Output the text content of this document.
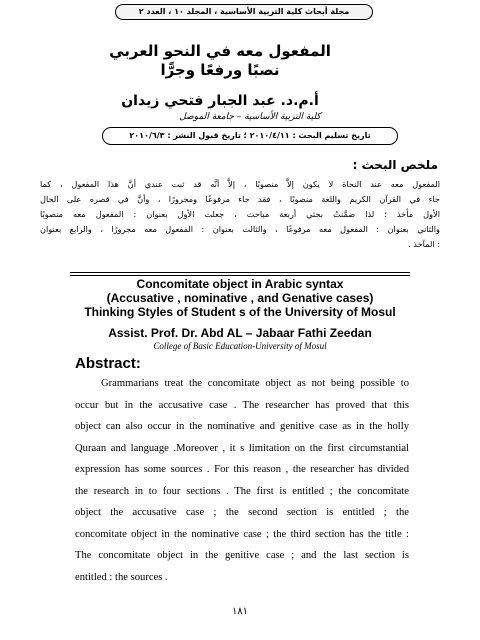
مجلة أبحاث كلية التربية الأساسية ، المجلد ١٠ ، العدد ٢
المفعول معه في النحو العربي
نصبًا ورفعًا وجرًّا
أ.م.د. عبد الجبار فتحي زيدان
كلية التربية الأساسية – جامعة الموصل
تاريخ تسليم البحث : ٢٠١٠/٤/١١ ؛ تاريخ قبول النشر : ٢٠١٠/٦/٣
ملخص البحث :
المفعول معه عند النحاة لا يكون إلاَّ منصوبًا ، إلاَّ أنَّه قد ثبت عندي أنَّ هذا المفعول ، كما
جاء في القرآن الكريم واللغة منصوبًا ، فقد جاء مرفوعًا ومجرورًا ، وأنَّ في قصره على الحال
الأول مأخذ ؛ لذا ضمَّنتُ بحثي أربعة مباحث ، جعلت الأول بعنوان : المفعول معه منصوبًا
والثاني بعنوان : المفعول معه مرفوعًا ، والثالث بعنوان : المفعول معه مجرورًا ، والرابع بعنوان
: المآخذ .
Concomitate object in Arabic syntax
(Accusative , nominative , and Genative cases)
Thinking Styles of Student s of the University of Mosul
Assist. Prof. Dr. Abd AL – Jabaar Fathi Zeedan
College of Basic Education-University of Mosul
Abstract:
Grammarians treat the concomitate object as not being possible to
occur but in the accusative case . The researcher has proved that this
object can also occur in the nominative and genitive case as in the holly
Quraan and language .Moreover , it s limitation on the first circumstantial
expression has some sources . For this reason , the researcher has divided
the research in to four sections . The first is entitled ; the concomitate
object the accusative case ; the second section is entitled ; the
concomitate object in the nominative case ; the third section has the title :
The concomitate object in the genitive case ; and the last section is
entitled : the sources .
١٨١
